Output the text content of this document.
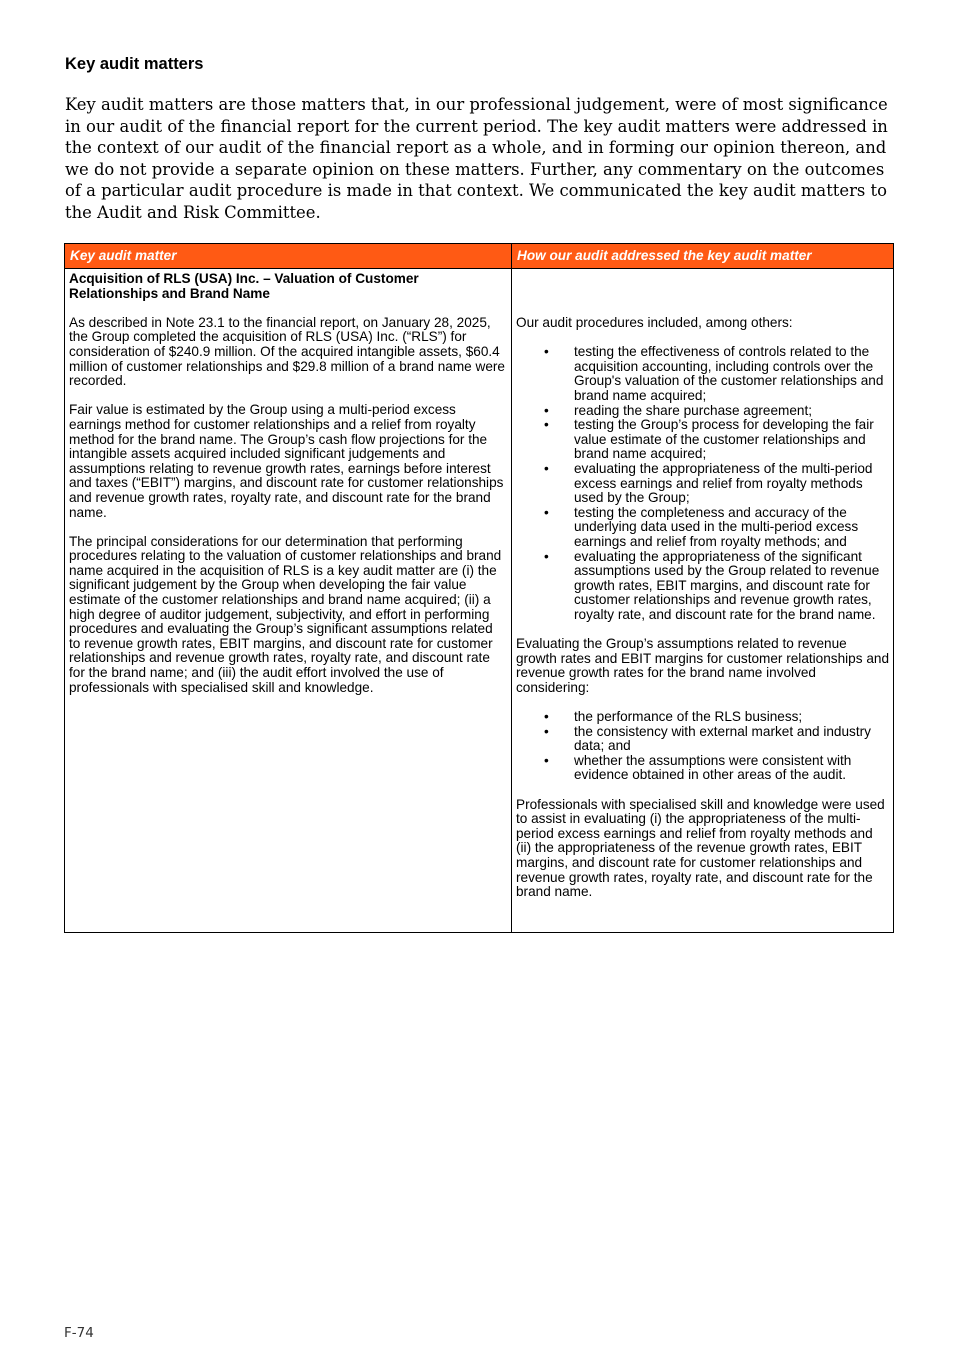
Key audit matters

Key audit matters are those matters that, in our professional judgement, were of most significance in our audit of the financial report for the current period. The key audit matters were addressed in the context of our audit of the financial report as a whole, and in forming our opinion thereon, and we do not provide a separate opinion on these matters. Further, any commentary on the outcomes of a particular audit procedure is made in that context. We communicated the key audit matters to the Audit and Risk Committee.

Key audit matter	How our audit addressed the key audit matter

Acquisition of RLS (USA) Inc. – Valuation of Customer Relationships and Brand Name

As described in Note 23.1 to the financial report, on January 28, 2025, the Group completed the acquisition of RLS (USA) Inc. (“RLS”) for consideration of $240.9 million. Of the acquired intangible assets, $60.4 million of customer relationships and $29.8 million of a brand name were recorded.

Fair value is estimated by the Group using a multi-period excess earnings method for customer relationships and a relief from royalty method for the brand name. The Group’s cash flow projections for the intangible assets acquired included significant judgements and assumptions relating to revenue growth rates, earnings before interest and taxes (“EBIT”) margins, and discount rate for customer relationships and revenue growth rates, royalty rate, and discount rate for the brand name.

The principal considerations for our determination that performing procedures relating to the valuation of customer relationships and brand name acquired in the acquisition of RLS is a key audit matter are (i) the significant judgement by the Group when developing the fair value estimate of the customer relationships and brand name acquired; (ii) a high degree of auditor judgement, subjectivity, and effort in performing procedures and evaluating the Group’s significant assumptions related to revenue growth rates, EBIT margins, and discount rate for customer relationships and revenue growth rates, royalty rate, and discount rate for the brand name; and (iii) the audit effort involved the use of professionals with specialised skill and knowledge.

Our audit procedures included, among others:

• testing the effectiveness of controls related to the acquisition accounting, including controls over the Group's valuation of the customer relationships and brand name acquired;
• reading the share purchase agreement;
• testing the Group’s process for developing the fair value estimate of the customer relationships and brand name acquired;
• evaluating the appropriateness of the multi-period excess earnings and relief from royalty methods used by the Group;
• testing the completeness and accuracy of the underlying data used in the multi-period excess earnings and relief from royalty methods; and
• evaluating the appropriateness of the significant assumptions used by the Group related to revenue growth rates, EBIT margins, and discount rate for customer relationships and revenue growth rates, royalty rate, and discount rate for the brand name.

Evaluating the Group’s assumptions related to revenue growth rates and EBIT margins for customer relationships and revenue growth rates for the brand name involved considering:

• the performance of the RLS business;
• the consistency with external market and industry data; and
• whether the assumptions were consistent with evidence obtained in other areas of the audit.

Professionals with specialised skill and knowledge were used to assist in evaluating (i) the appropriateness of the multi-period excess earnings and relief from royalty methods and (ii) the appropriateness of the revenue growth rates, EBIT margins, and discount rate for customer relationships and revenue growth rates, royalty rate, and discount rate for the brand name.

F-74
